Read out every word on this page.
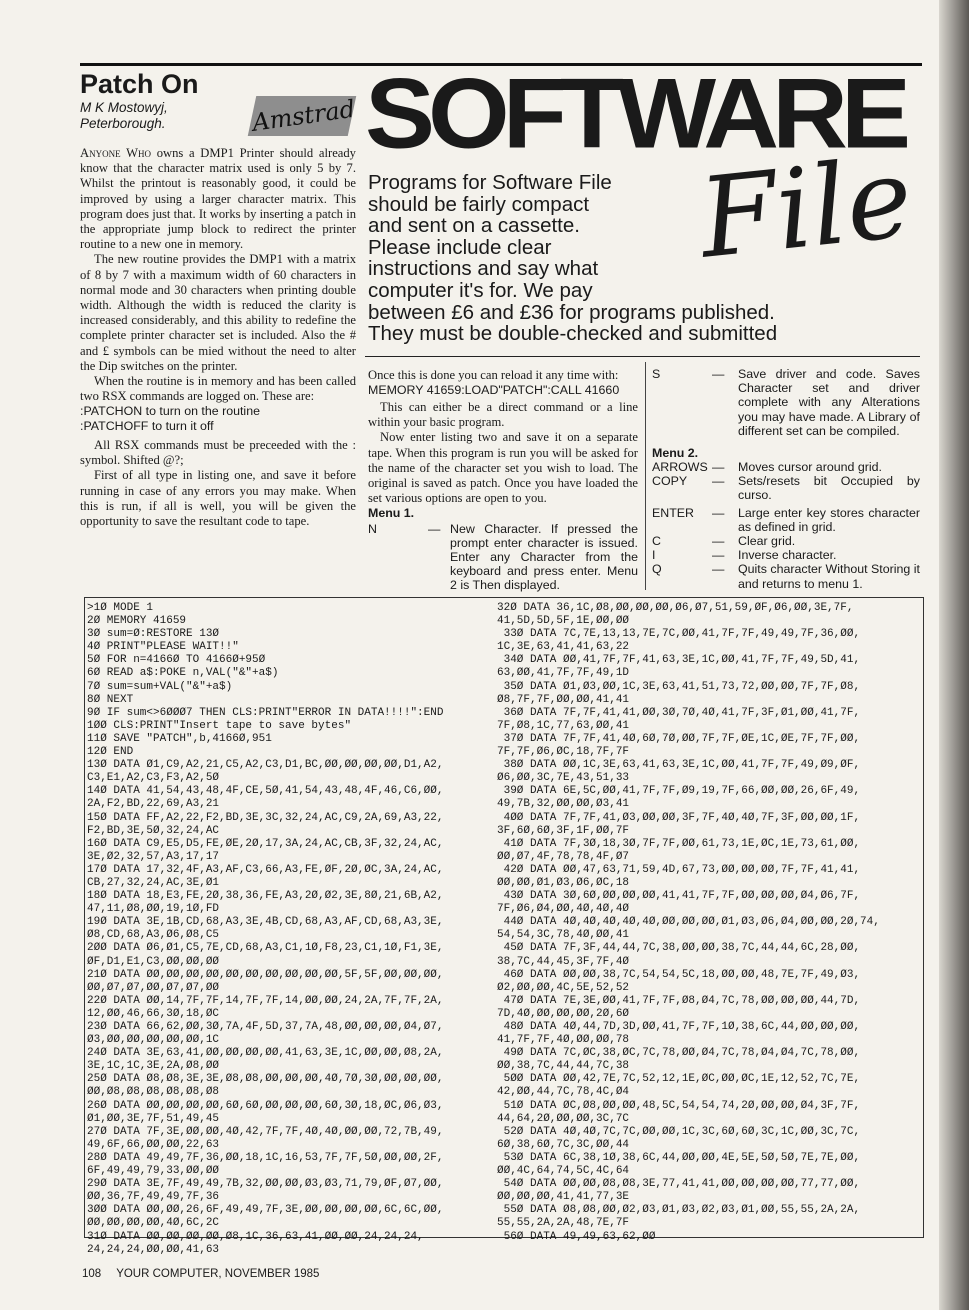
Patch On
M K Mostowyj,
Peterborough.	Amstrad

Anyone Who owns a DMP1 Printer should already know that the character matrix used is only 5 by 7. Whilst the printout is reasonably good, it could be improved by using a larger character matrix. This program does just that. It works by inserting a patch in the appropriate jump block to redirect the printer routine to a new one in memory.

The new routine provides the DMP1 with a matrix of 8 by 7 with a maximum width of 60 characters in normal mode and 30 characters when printing double width. Although the width is reduced the clarity is increased considerably, and this ability to redefine the complete printer character set is included. Also the # and £ symbols can be mied without the need to alter the Dip switches on the printer.

When the routine is in memory and has been called two RSX commands are logged on. These are:

:PATCHON to turn on the routine

:PATCHOFF to turn it off

All RSX commands must be preceeded with the : symbol. Shifted @?;

First of all type in listing one, and save it before running in case of any errors you may make. When this is run, if all is well, you will be given the opportunity to save the resultant code to tape.

SOFTWARE
File
Programs for Software File
should be fairly compact
and sent on a cassette.
Please include clear
instructions and say what
computer it's for. We pay
between £6 and £36 for programs published.
They must be double-checked and submitted

Once this is done you can reload it any time with:

MEMORY 41659:LOAD"PATCH":CALL 41660

This can either be a direct command or a line within your basic program.

Now enter listing two and save it on a separate tape. When this program is run you will be asked for the name of the character set you wish to load. The original is saved as patch. Once you have loaded the set various options are open to you.

Menu 1.
N	— New Character. If pressed the prompt enter character is issued. Enter any Character from the keyboard and press enter. Menu 2 is Then displayed.
S	—	Save driver and code. Saves Character set and driver complete with any Alterations you may have made. A Library of different set can be compiled.
Menu 2.
ARROWS —	Moves cursor around grid.
COPY	—	Sets/resets bit Occupied by curso.
ENTER	—	Large enter key stores character as defined in grid.
C	—	Clear grid.
I	—	Inverse character.
Q	—	Quits character Without Storing it and returns to menu 1.
>1Ø MODE 1
2Ø MEMORY 41659
3Ø sum=Ø:RESTORE 13Ø
4Ø PRINT"PLEASE WAIT!!"
5Ø FOR n=4166Ø TO 4166Ø+95Ø
6Ø READ a$:POKE n,VAL("&"+a$)
7Ø sum=sum+VAL("&"+a$)
8Ø NEXT
9Ø IF sum<>6ØØØ7 THEN CLS:PRINT"ERROR IN DATA!!!!":END
1ØØ CLS:PRINT"Insert tape to save bytes"
11Ø SAVE "PATCH",b,4166Ø,951
12Ø END
13Ø DATA Ø1,C9,A2,21,C5,A2,C3,D1,BC,ØØ,ØØ,ØØ,ØØ,D1,A2,
C3,E1,A2,C3,F3,A2,5Ø
14Ø DATA 41,54,43,48,4F,CE,5Ø,41,54,43,48,4F,46,C6,ØØ,
2A,F2,BD,22,69,A3,21
15Ø DATA FF,A2,22,F2,BD,3E,3C,32,24,AC,C9,2A,69,A3,22,
F2,BD,3E,5Ø,32,24,AC
16Ø DATA C9,E5,D5,FE,ØE,2Ø,17,3A,24,AC,CB,3F,32,24,AC,
3E,Ø2,32,57,A3,17,17
17Ø DATA 17,32,4F,A3,AF,C3,66,A3,FE,ØF,2Ø,ØC,3A,24,AC,
CB,27,32,24,AC,3E,Ø1
18Ø DATA 18,E3,FE,2Ø,38,36,FE,A3,2Ø,Ø2,3E,8Ø,21,6B,A2,
47,11,Ø8,ØØ,19,1Ø,FD
19Ø DATA 3E,1B,CD,68,A3,3E,4B,CD,68,A3,AF,CD,68,A3,3E,
Ø8,CD,68,A3,Ø6,Ø8,C5
2ØØ DATA Ø6,Ø1,C5,7E,CD,68,A3,C1,1Ø,F8,23,C1,1Ø,F1,3E,
ØF,D1,E1,C3,ØØ,ØØ,ØØ
21Ø DATA ØØ,ØØ,ØØ,ØØ,ØØ,ØØ,ØØ,ØØ,ØØ,ØØ,5F,5F,ØØ,ØØ,ØØ,
ØØ,Ø7,Ø7,ØØ,Ø7,Ø7,ØØ
22Ø DATA ØØ,14,7F,7F,14,7F,7F,14,ØØ,ØØ,24,2A,7F,7F,2A,
12,ØØ,46,66,3Ø,18,ØC
23Ø DATA 66,62,ØØ,3Ø,7A,4F,5D,37,7A,48,ØØ,ØØ,ØØ,Ø4,Ø7,
Ø3,ØØ,ØØ,ØØ,ØØ,ØØ,1C
24Ø DATA 3E,63,41,ØØ,ØØ,ØØ,ØØ,41,63,3E,1C,ØØ,ØØ,Ø8,2A,
3E,1C,1C,3E,2A,Ø8,ØØ
25Ø DATA Ø8,Ø8,3E,3E,Ø8,Ø8,ØØ,ØØ,ØØ,4Ø,7Ø,3Ø,ØØ,ØØ,ØØ,
ØØ,Ø8,Ø8,Ø8,Ø8,Ø8,Ø8
26Ø DATA ØØ,ØØ,ØØ,ØØ,6Ø,6Ø,ØØ,ØØ,ØØ,6Ø,3Ø,18,ØC,Ø6,Ø3,
Ø1,ØØ,3E,7F,51,49,45
27Ø DATA 7F,3E,ØØ,ØØ,4Ø,42,7F,7F,4Ø,4Ø,ØØ,ØØ,72,7B,49,
49,6F,66,ØØ,ØØ,22,63
28Ø DATA 49,49,7F,36,ØØ,18,1C,16,53,7F,7F,5Ø,ØØ,ØØ,2F,
6F,49,49,79,33,ØØ,ØØ
29Ø DATA 3E,7F,49,49,7B,32,ØØ,ØØ,Ø3,Ø3,71,79,ØF,Ø7,ØØ,
ØØ,36,7F,49,49,7F,36
3ØØ DATA ØØ,ØØ,26,6F,49,49,7F,3E,ØØ,ØØ,ØØ,ØØ,6C,6C,ØØ,
ØØ,ØØ,ØØ,ØØ,4Ø,6C,2C
31Ø DATA ØØ,ØØ,ØØ,ØØ,Ø8,1C,36,63,41,ØØ,ØØ,24,24,24,
24,24,24,ØØ,ØØ,41,63
32Ø DATA 36,1C,Ø8,ØØ,ØØ,ØØ,Ø6,Ø7,51,59,ØF,Ø6,ØØ,3E,7F,
41,5D,5D,5F,1E,ØØ,ØØ
33Ø DATA 7C,7E,13,13,7E,7C,ØØ,41,7F,7F,49,49,7F,36,ØØ,
1C,3E,63,41,41,63,22
34Ø DATA ØØ,41,7F,7F,41,63,3E,1C,ØØ,41,7F,7F,49,5D,41,
63,ØØ,41,7F,7F,49,1D
35Ø DATA Ø1,Ø3,ØØ,1C,3E,63,41,51,73,72,ØØ,ØØ,7F,7F,Ø8,
Ø8,7F,7F,ØØ,ØØ,41,41
36Ø DATA 7F,7F,41,41,ØØ,3Ø,7Ø,4Ø,41,7F,3F,Ø1,ØØ,41,7F,
7F,Ø8,1C,77,63,ØØ,41
37Ø DATA 7F,7F,41,4Ø,6Ø,7Ø,ØØ,7F,7F,ØE,1C,ØE,7F,7F,ØØ,
7F,7F,Ø6,ØC,18,7F,7F
38Ø DATA ØØ,1C,3E,63,41,63,3E,1C,ØØ,41,7F,7F,49,Ø9,ØF,
Ø6,ØØ,3C,7E,43,51,33
39Ø DATA 6E,5C,ØØ,41,7F,7F,Ø9,19,7F,66,ØØ,ØØ,26,6F,49,
49,7B,32,ØØ,ØØ,Ø3,41
4ØØ DATA 7F,7F,41,Ø3,ØØ,ØØ,3F,7F,4Ø,4Ø,7F,3F,ØØ,ØØ,1F,
3F,6Ø,6Ø,3F,1F,ØØ,7F
41Ø DATA 7F,3Ø,18,3Ø,7F,7F,ØØ,61,73,1E,ØC,1E,73,61,ØØ,
ØØ,Ø7,4F,78,78,4F,Ø7
42Ø DATA ØØ,47,63,71,59,4D,67,73,ØØ,ØØ,ØØ,7F,7F,41,41,
ØØ,ØØ,Ø1,Ø3,Ø6,ØC,18
43Ø DATA 3Ø,6Ø,ØØ,ØØ,ØØ,41,41,7F,7F,ØØ,ØØ,ØØ,Ø4,Ø6,7F,
7F,Ø6,Ø4,ØØ,4Ø,4Ø,4Ø
44Ø DATA 4Ø,4Ø,4Ø,4Ø,4Ø,ØØ,ØØ,ØØ,Ø1,Ø3,Ø6,Ø4,ØØ,ØØ,2Ø,74,
54,54,3C,78,4Ø,ØØ,41
45Ø DATA 7F,3F,44,44,7C,38,ØØ,ØØ,38,7C,44,44,6C,28,ØØ,
38,7C,44,45,3F,7F,4Ø
46Ø DATA ØØ,ØØ,38,7C,54,54,5C,18,ØØ,ØØ,48,7E,7F,49,Ø3,
Ø2,ØØ,ØØ,4C,5E,52,52
47Ø DATA 7E,3E,ØØ,41,7F,7F,Ø8,Ø4,7C,78,ØØ,ØØ,ØØ,44,7D,
7D,4Ø,ØØ,ØØ,ØØ,2Ø,6Ø
48Ø DATA 4Ø,44,7D,3D,ØØ,41,7F,7F,1Ø,38,6C,44,ØØ,ØØ,ØØ,
41,7F,7F,4Ø,ØØ,ØØ,78
49Ø DATA 7C,ØC,38,ØC,7C,78,ØØ,Ø4,7C,78,Ø4,Ø4,7C,78,ØØ,
ØØ,38,7C,44,44,7C,38
5ØØ DATA ØØ,42,7E,7C,52,12,1E,ØC,ØØ,ØC,1E,12,52,7C,7E,
42,ØØ,44,7C,78,4C,Ø4
51Ø DATA ØC,Ø8,ØØ,ØØ,48,5C,54,54,74,2Ø,ØØ,ØØ,Ø4,3F,7F,
44,64,2Ø,ØØ,ØØ,3C,7C
52Ø DATA 4Ø,4Ø,7C,7C,ØØ,ØØ,1C,3C,6Ø,6Ø,3C,1C,ØØ,3C,7C,
6Ø,38,6Ø,7C,3C,ØØ,44
53Ø DATA 6C,38,1Ø,38,6C,44,ØØ,ØØ,4E,5E,5Ø,5Ø,7E,7E,ØØ,
ØØ,4C,64,74,5C,4C,64
54Ø DATA ØØ,ØØ,Ø8,Ø8,3E,77,41,41,ØØ,ØØ,ØØ,ØØ,77,77,ØØ,
ØØ,ØØ,ØØ,41,41,77,3E
55Ø DATA Ø8,Ø8,ØØ,Ø2,Ø3,Ø1,Ø3,Ø2,Ø3,Ø1,ØØ,55,55,2A,2A,
55,55,2A,2A,48,7E,7F
56Ø DATA 49,49,63,62,ØØ
108 YOUR COMPUTER, NOVEMBER 1985
